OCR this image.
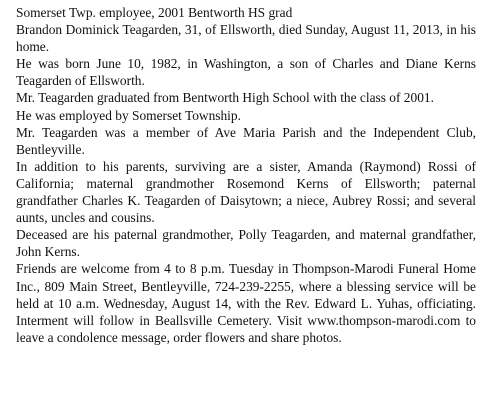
Somerset Twp. employee, 2001 Bentworth HS grad

Brandon Dominick Teagarden, 31, of Ellsworth, died Sunday, August 11, 2013, in his home.

He was born June 10, 1982, in Washington, a son of Charles and Diane Kerns Teagarden of Ellsworth.

Mr. Teagarden graduated from Bentworth High School with the class of 2001.

He was employed by Somerset Township.

Mr. Teagarden was a member of Ave Maria Parish and the Independent Club, Bentleyville.

In addition to his parents, surviving are a sister, Amanda (Raymond) Rossi of California; maternal grandmother Rosemond Kerns of Ellsworth; paternal grandfather Charles K. Teagarden of Daisytown; a niece, Aubrey Rossi; and several aunts, uncles and cousins.

Deceased are his paternal grandmother, Polly Teagarden, and maternal grandfather, John Kerns.

Friends are welcome from 4 to 8 p.m. Tuesday in Thompson-Marodi Funeral Home Inc., 809 Main Street, Bentleyville, 724-239-2255, where a blessing service will be held at 10 a.m. Wednesday, August 14, with the Rev. Edward L. Yuhas, officiating. Interment will follow in Beallsville Cemetery. Visit www.thompson-marodi.com to leave a condolence message, order flowers and share photos.
